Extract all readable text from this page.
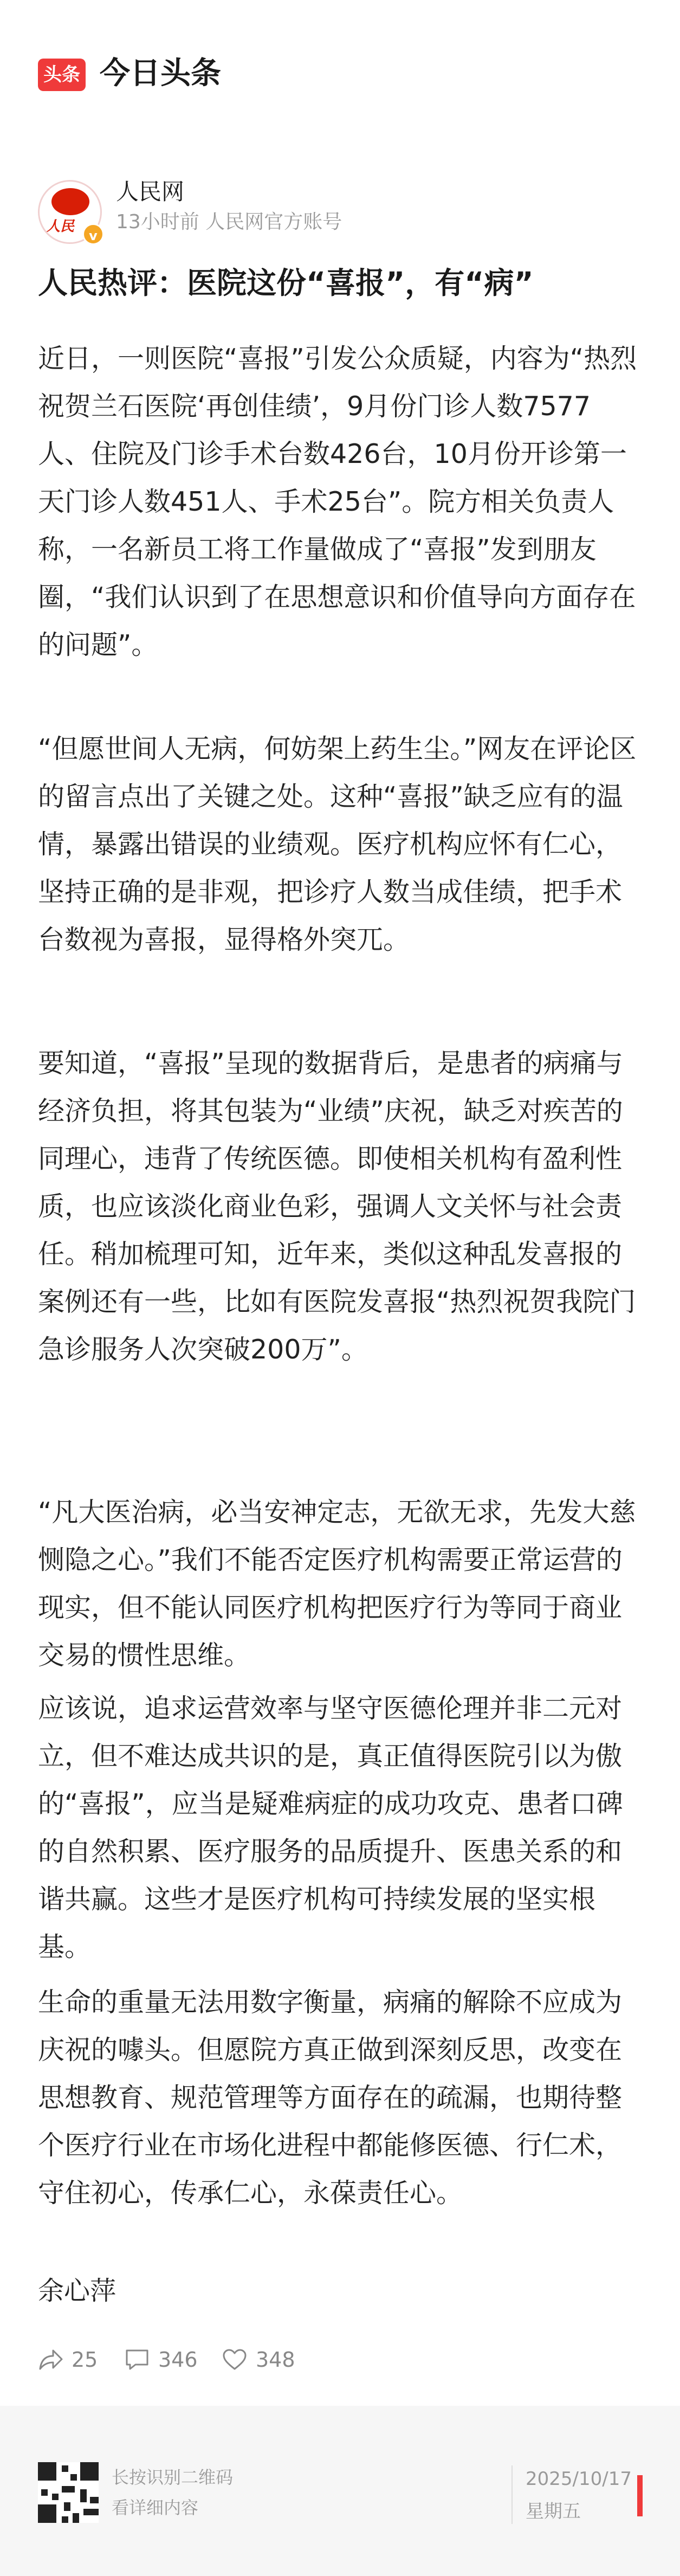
头条 今日头条
人民
v
人民网
13小时前 人民网官方账号
人民热评：医院这份“喜报”，有“病”

近日，一则医院“喜报”引发公众质疑，内容为“热烈祝贺兰石医院‘再创佳绩’，9月份门诊人数7577人、住院及门诊手术台数426台，10月份开诊第一天门诊人数451人、手术25台”。院方相关负责人称，一名新员工将工作量做成了“喜报”发到朋友圈，“我们认识到了在思想意识和价值导向方面存在的问题”。

“但愿世间人无病，何妨架上药生尘。”网友在评论区的留言点出了关键之处。这种“喜报”缺乏应有的温情，暴露出错误的业绩观。医疗机构应怀有仁心，坚持正确的是非观，把诊疗人数当成佳绩，把手术台数视为喜报，显得格外突兀。

要知道，“喜报”呈现的数据背后，是患者的病痛与经济负担，将其包装为“业绩”庆祝，缺乏对疾苦的同理心，违背了传统医德。即使相关机构有盈利性质，也应该淡化商业色彩，强调人文关怀与社会责任。稍加梳理可知，近年来，类似这种乱发喜报的案例还有一些，比如有医院发喜报“热烈祝贺我院门急诊服务人次突破200万”。

“凡大医治病，必当安神定志，无欲无求，先发大慈恻隐之心。”我们不能否定医疗机构需要正常运营的现实，但不能认同医疗机构把医疗行为等同于商业交易的惯性思维。

应该说，追求运营效率与坚守医德伦理并非二元对立，但不难达成共识的是，真正值得医院引以为傲的“喜报”，应当是疑难病症的成功攻克、患者口碑的自然积累、医疗服务的品质提升、医患关系的和谐共赢。这些才是医疗机构可持续发展的坚实根基。

生命的重量无法用数字衡量，病痛的解除不应成为庆祝的噱头。但愿院方真正做到深刻反思，改变在思想教育、规范管理等方面存在的疏漏，也期待整个医疗行业在市场化进程中都能修医德、行仁术，守住初心，传承仁心，永葆责任心。

余心萍
25	346	348
长按识别二维码
看详细内容
2025/10/17
星期五
